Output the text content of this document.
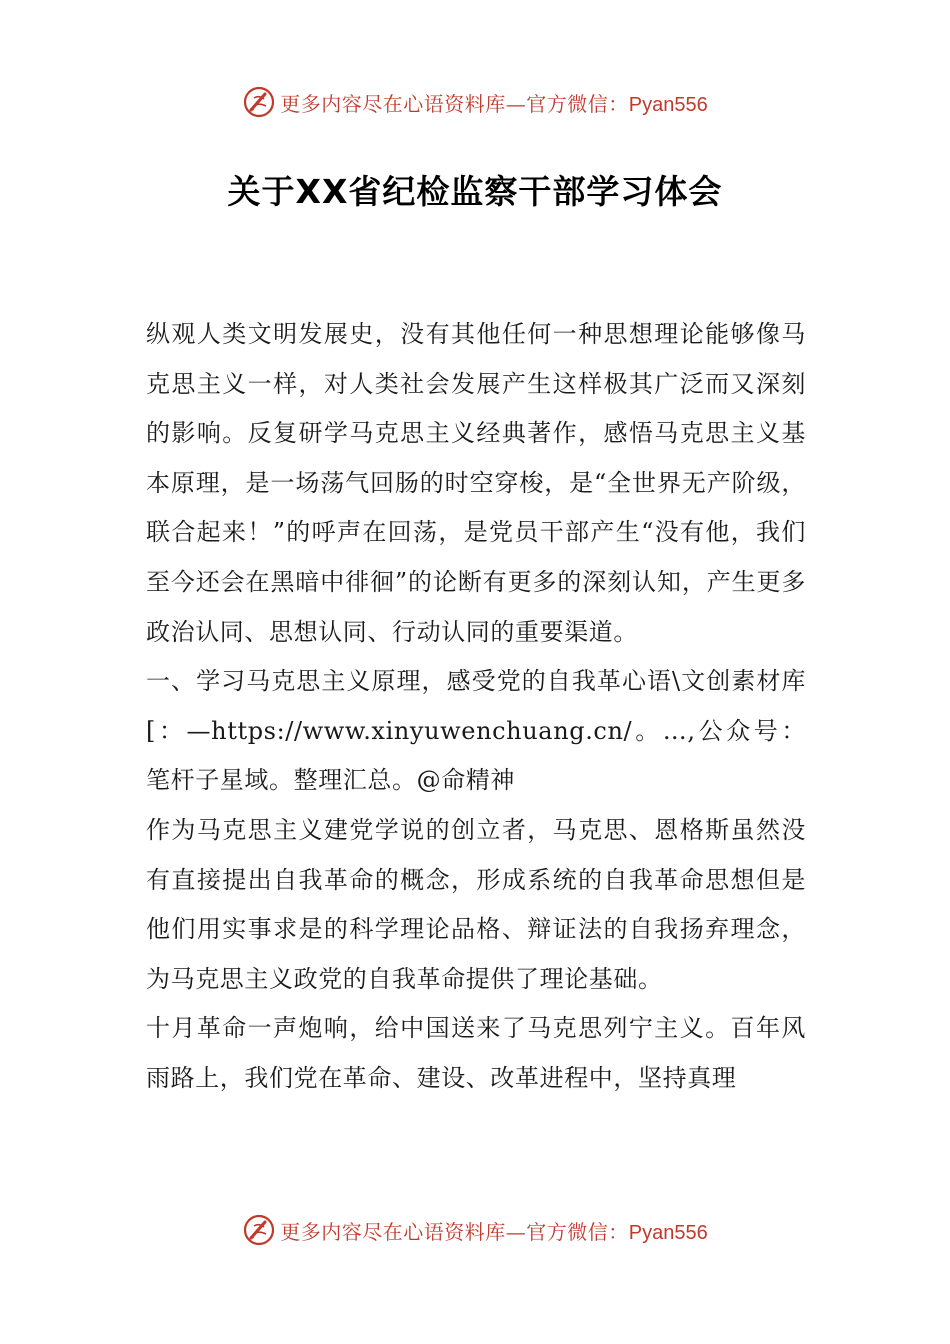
更多内容尽在心语资料库—官方微信：Pyan556
关于XX省纪检监察干部学习体会

纵观人类文明发展史，没有其他任何一种思想理论能够像马克思主义一样，对人类社会发展产生这样极其广泛而又深刻的影响。反复研学马克思主义经典著作，感悟马克思主义基本原理，是一场荡气回肠的时空穿梭，是“全世界无产阶级，联合起来！”的呼声在回荡，是党员干部产生“没有他，我们至今还会在黑暗中徘徊”的论断有更多的深刻认知，产生更多政治认同、思想认同、行动认同的重要渠道。

一、学习马克思主义原理，感受党的自我革心语\文创素材库[：—https://www.xinyuwenchuang.cn/。…,公众号：笔杆子星域。整理汇总。@命精神

作为马克思主义建党学说的创立者，马克思、恩格斯虽然没有直接提出自我革命的概念，形成系统的自我革命思想但是他们用实事求是的科学理论品格、辩证法的自我扬弃理念，为马克思主义政党的自我革命提供了理论基础。

十月革命一声炮响，给中国送来了马克思列宁主义。百年风雨路上，我们党在革命、建设、改革进程中，坚持真理

更多内容尽在心语资料库—官方微信：Pyan556
